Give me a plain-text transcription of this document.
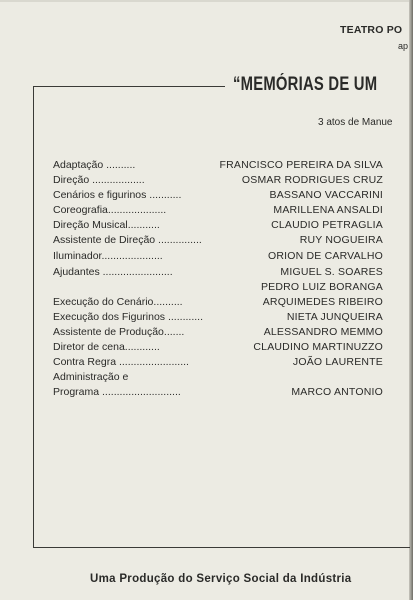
TEATRO PO
ap
“MEMÓRIAS DE UM
3 atos de Manue
Adaptação ..........	FRANCISCO PEREIRA DA SILVA
Direção ..................	OSMAR RODRIGUES CRUZ
Cenários e figurinos ...........	BASSANO VACCARINI
Coreografia....................	MARILLENA ANSALDI
Direção Musical...........	CLAUDIO PETRAGLIA
Assistente de Direção ...............	RUY NOGUEIRA
Iluminador.....................	ORION DE CARVALHO
Ajudantes ........................	MIGUEL S. SOARES
PEDRO LUIZ BORANGA
Execução do Cenário..........	ARQUIMEDES RIBEIRO
Execução dos Figurinos ............	NIETA JUNQUEIRA
Assistente de Produção.......	ALESSANDRO MEMMO
Diretor de cena............	CLAUDINO MARTINUZZO
Contra Regra ........................	JOÃO LAURENTE
Administração e
Programa ...........................	MARCO ANTONIO
Uma Produção do Serviço Social da Indústria
